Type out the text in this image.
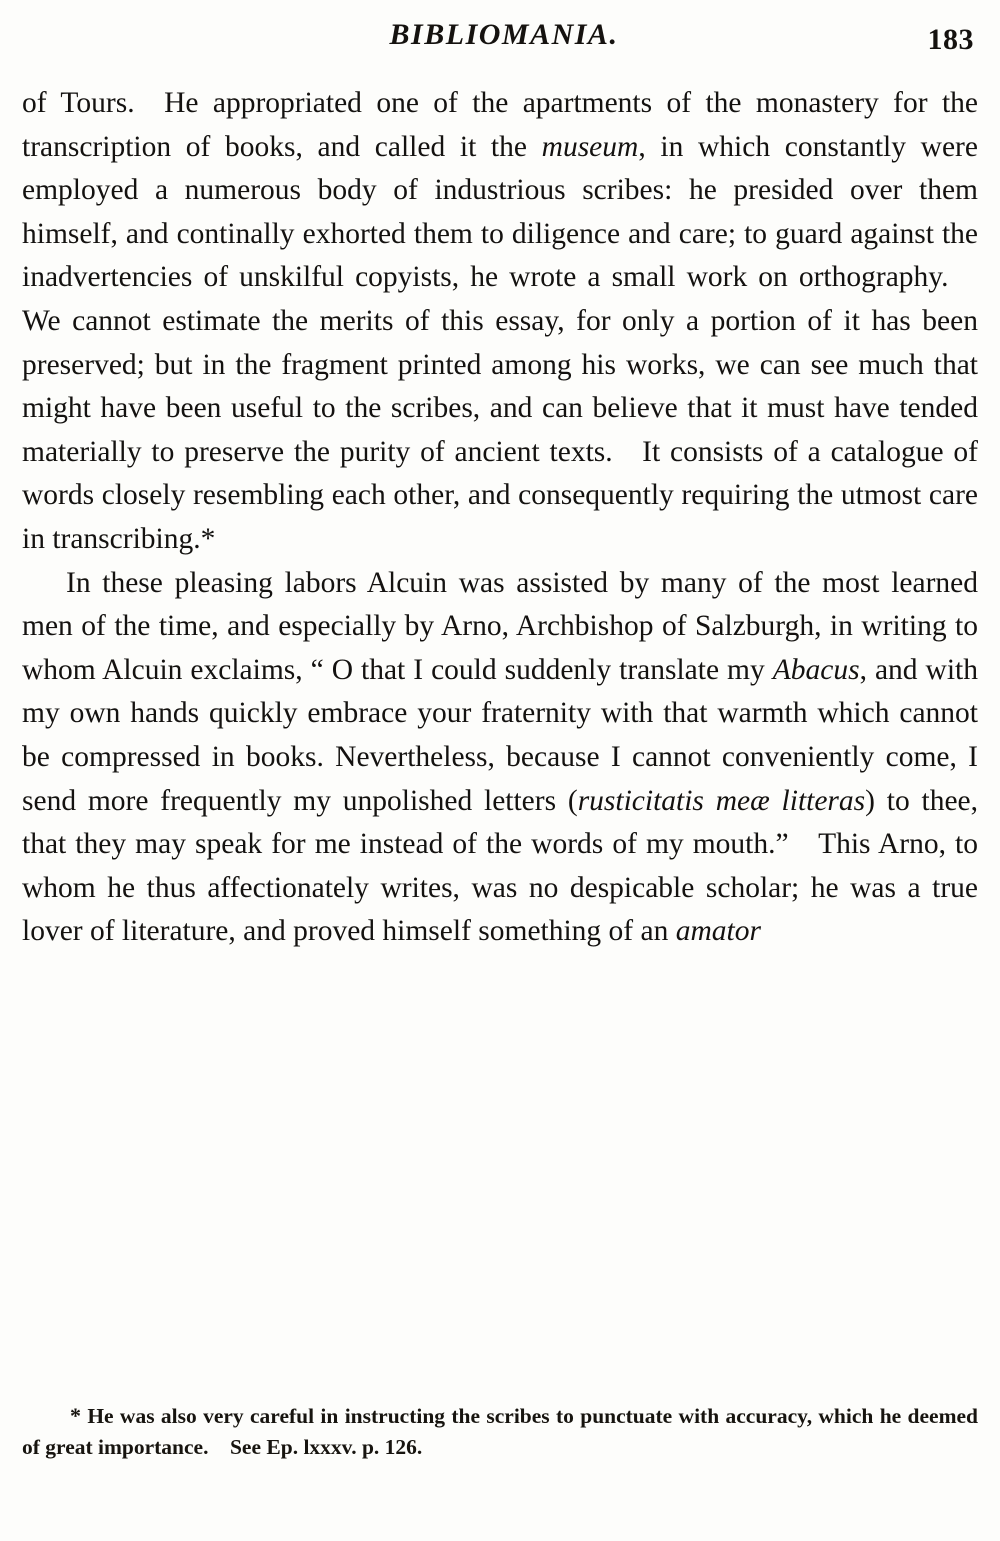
BIBLIOMANIA.	183

of Tours. He appropriated one of the apartments of the monastery for the transcription of books, and called it the museum, in which constantly were employed a numerous body of industrious scribes: he presided over them himself, and continally exhorted them to diligence and care; to guard against the inadvertencies of unskilful copyists, he wrote a small work on orthography. We cannot estimate the merits of this essay, for only a portion of it has been preserved; but in the fragment printed among his works, we can see much that might have been useful to the scribes, and can believe that it must have tended materially to preserve the purity of ancient texts. It consists of a catalogue of words closely resembling each other, and consequently requiring the utmost care in transcribing.*

In these pleasing labors Alcuin was assisted by many of the most learned men of the time, and especially by Arno, Archbishop of Salzburgh, in writing to whom Alcuin exclaims, “ O that I could suddenly translate my Abacus, and with my own hands quickly embrace your fraternity with that warmth which cannot be compressed in books. Nevertheless, because I cannot conveniently come, I send more frequently my unpolished letters (rusticitatis meæ litteras) to thee, that they may speak for me instead of the words of my mouth.” This Arno, to whom he thus affectionately writes, was no despicable scholar; he was a true lover of literature, and proved himself something of an amator

* He was also very careful in instructing the scribes to punctuate with accuracy, which he deemed of great importance. See Ep. lxxxv. p. 126.
